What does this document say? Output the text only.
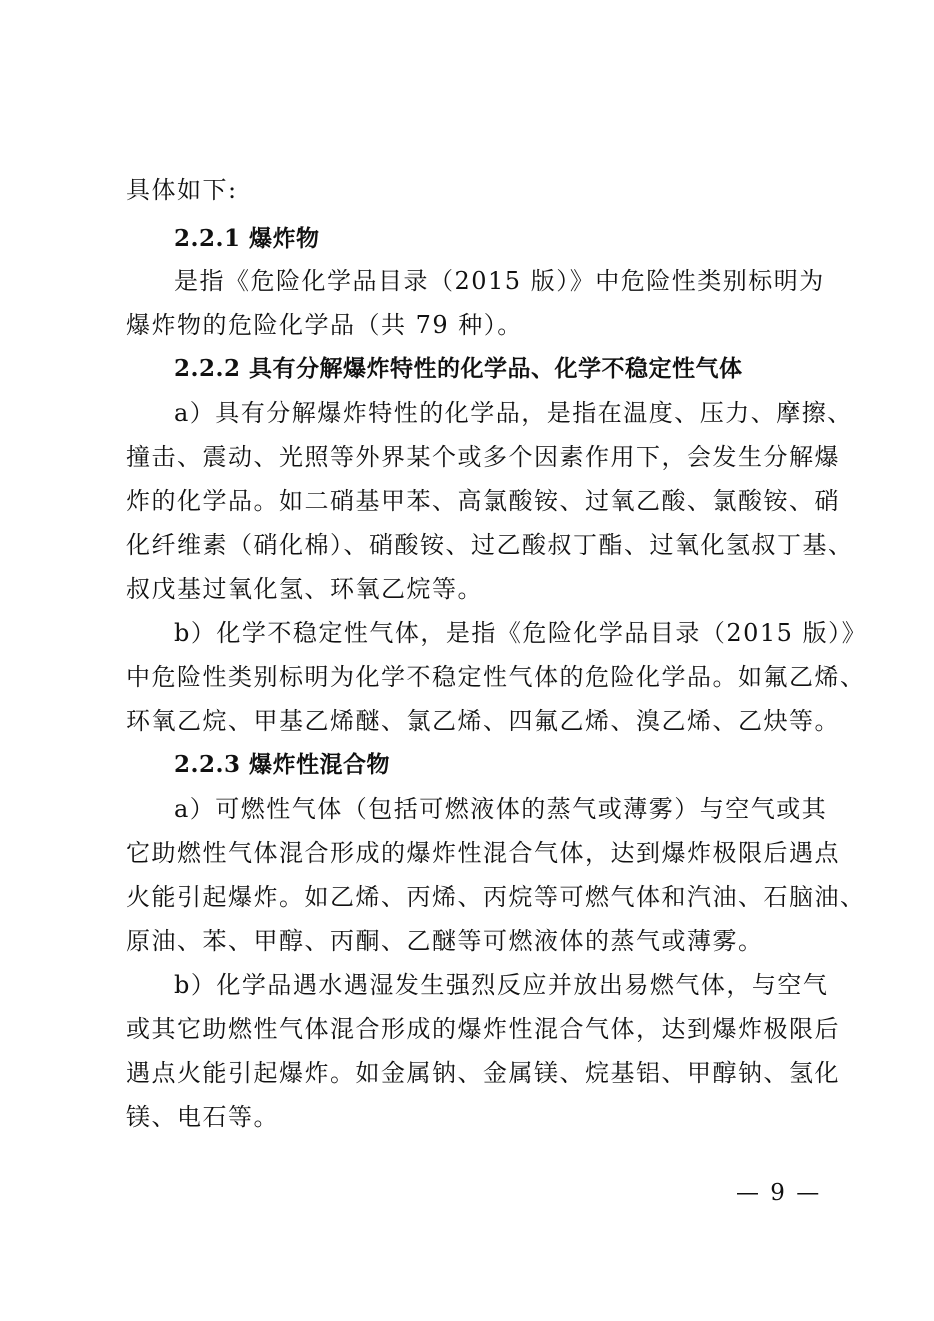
具体如下:
2.2.1 爆炸物
是指《危险化学品目录（2015 版）》中危险性类别标明为
爆炸物的危险化学品（共 79 种）。
2.2.2 具有分解爆炸特性的化学品、化学不稳定性气体
a）具有分解爆炸特性的化学品，是指在温度、压力、摩擦、
撞击、震动、光照等外界某个或多个因素作用下，会发生分解爆
炸的化学品。如二硝基甲苯、高氯酸铵、过氧乙酸、氯酸铵、硝
化纤维素（硝化棉）、硝酸铵、过乙酸叔丁酯、过氧化氢叔丁基、
叔戊基过氧化氢、环氧乙烷等。
b）化学不稳定性气体，是指《危险化学品目录（2015 版）》
中危险性类别标明为化学不稳定性气体的危险化学品。如氟乙烯、
环氧乙烷、甲基乙烯醚、氯乙烯、四氟乙烯、溴乙烯、乙炔等。
2.2.3 爆炸性混合物
a）可燃性气体（包括可燃液体的蒸气或薄雾）与空气或其
它助燃性气体混合形成的爆炸性混合气体，达到爆炸极限后遇点
火能引起爆炸。如乙烯、丙烯、丙烷等可燃气体和汽油、石脑油、
原油、苯、甲醇、丙酮、乙醚等可燃液体的蒸气或薄雾。
b）化学品遇水遇湿发生强烈反应并放出易燃气体，与空气
或其它助燃性气体混合形成的爆炸性混合气体，达到爆炸极限后
遇点火能引起爆炸。如金属钠、金属镁、烷基铝、甲醇钠、氢化
镁、电石等。
— 9 —
